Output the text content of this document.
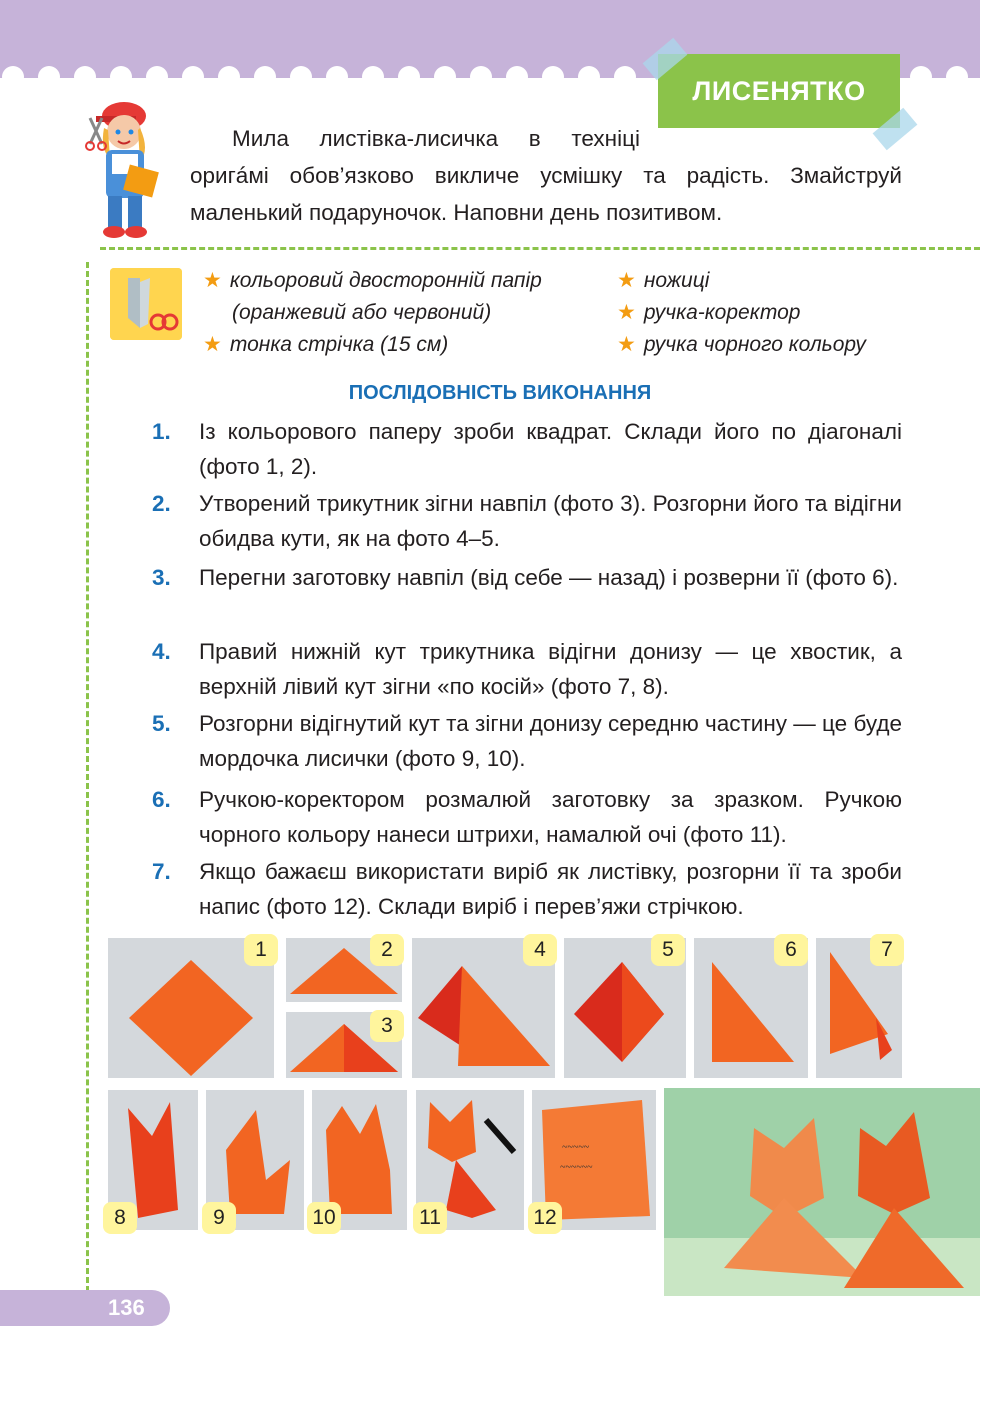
ЛИСЕНЯТКО
Мила листівка-лисичка в техніці
оригáмі обов’язково викличе усмішку та радість. Змайструй маленький подаруночок. Наповни день позитивом.
★ кольоровий двосторонній папір
(оранжевий або червоний)
★ тонка стрічка (15 см)
★ ножиці
★ ручка-коректор
★ ручка чорного кольору
ПОСЛІДОВНІСТЬ ВИКОНАННЯ
1. Із кольорового паперу зроби квадрат. Склади його по діагоналі (фото 1, 2).
2. Утворений трикутник зігни навпіл (фото 3). Розгорни його та відігни обидва кути, як на фото 4–5.
3. Перегни заготовку навпіл (від себе — назад) і розверни її (фото 6).
4. Правий нижній кут трикутника відігни донизу — це хвостик, а верхній лівий кут зігни «по косій» (фото 7, 8).
5. Розгорни відігнутий кут та зігни донизу середню частину — це буде мордочка лисички (фото 9, 10).
6. Ручкою-коректором розмалюй заготовку за зразком. Ручкою чорного кольору нанеси штрихи, намалюй очі (фото 11).
7. Якщо бажаєш використати виріб як листівку, розгорни її та зроби напис (фото 12). Склади виріб і перев’яжи стрічкою.
1	2
3
4	5	6	7
8	9	10	11
~~~~~
~~~~~~
12
136
